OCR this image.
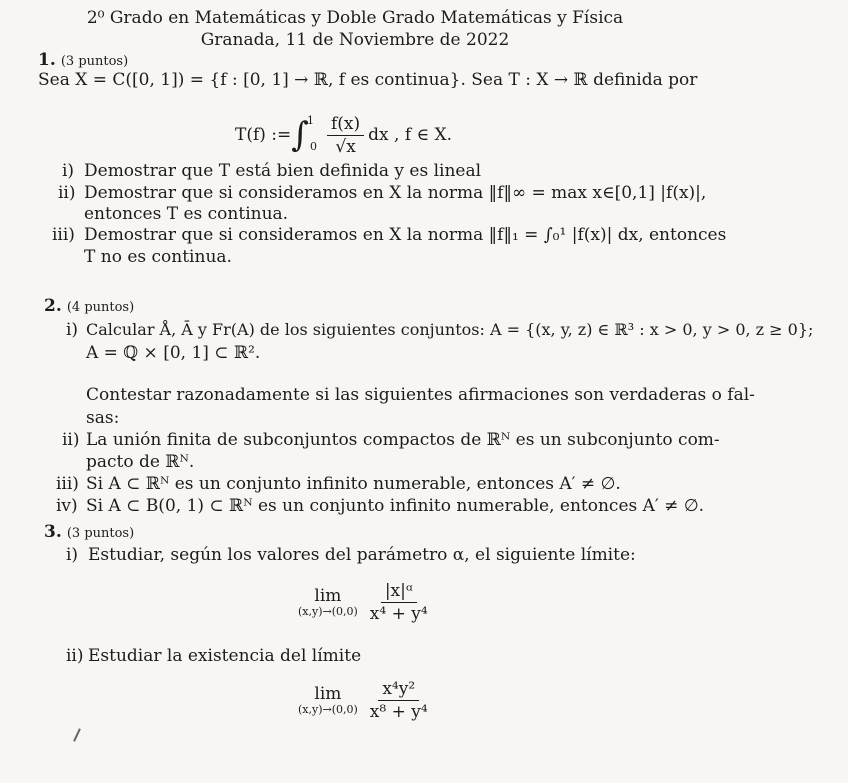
2⁰ Grado en Matemáticas y Doble Grado Matemáticas y Física
Granada, 11 de Noviembre de 2022
1. (3 puntos)
Sea X = C([0, 1]) = {f : [0, 1] → ℝ, f es continua}. Sea T : X → ℝ definida por
T(f) := ∫
1
$0 \frac{f(x)}{√x}$ dx , f ∈ X.
i) Demostrar que T está bien definida y es lineal
ii) Demostrar que si consideramos en X la norma ‖f‖∞ = max x∈[0,1] |f(x)|,
entonces T es continua.
iii) Demostrar que si consideramos en X la norma ‖f‖₁ = ∫₀¹ |f(x)| dx, entonces
T no es continua.
2. (4 puntos)
i) Calcular Å, Ā y Fr(A) de los siguientes conjuntos: A = {(x, y, z) ∈ ℝ³ : x > 0, y > 0, z ≥ 0};
A = ℚ × [0, 1] ⊂ ℝ².
Contestar razonadamente si las siguientes afirmaciones son verdaderas o fal-
sas:
ii) La unión finita de subconjuntos compactos de ℝᴺ es un subconjunto com-
pacto de ℝᴺ.
iii) Si A ⊂ ℝᴺ es un conjunto infinito numerable, entonces A′ ≠ ∅.
iv) Si A ⊂ B(0, 1) ⊂ ℝᴺ es un conjunto infinito numerable, entonces A′ ≠ ∅.
3. (3 puntos)
i) Estudiar, según los valores del parámetro α, el siguiente límite:
lim
$(x,y)\to(0,0) \frac{\text{|x|ᵅ}}{\text{x⁴ + y⁴}}$
ii) Estudiar la existencia del límite
lim
$(x,y)\to(0,0) \frac{\text{x⁴y²}}{\text{x⁸ + y⁴}}$
